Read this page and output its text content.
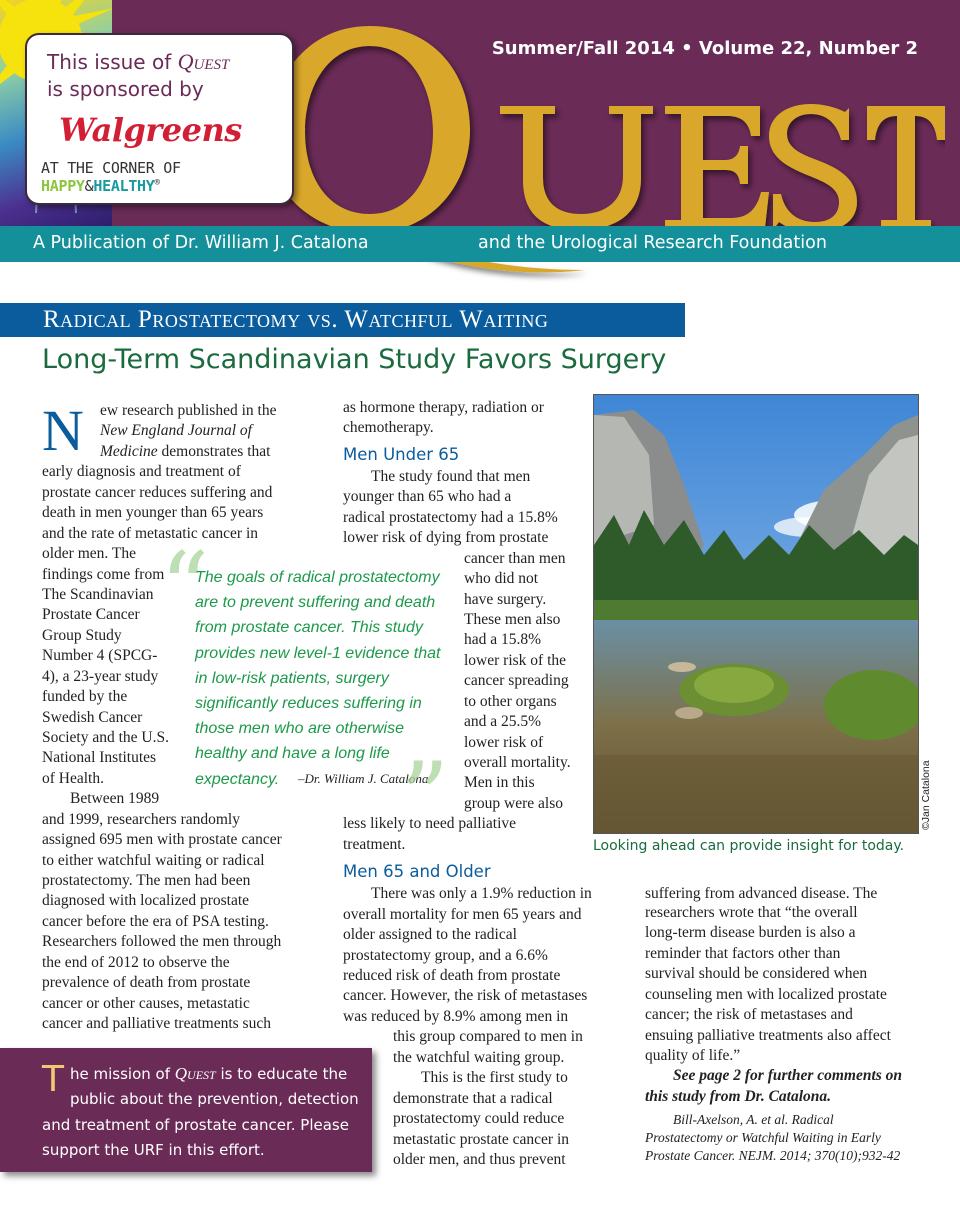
Summer/Fall 2014 • Volume 22, Number 2
A Publication of Dr. William J. Catalona	and the Urological Research Foundation
This issue of Quest
is sponsored by
Walgreens
AT THE CORNER OF HAPPY&HEALTHY®
Radical Prostatectomy vs. Watchful Waiting
Long-Term Scandinavian Study Favors Surgery
N ew research published in the
New England Journal of
Medicine demonstrates that
early diagnosis and treatment of
prostate cancer reduces suffering and
death in men younger than 65 years
and the rate of metastatic cancer in
older men. The
findings come from
The Scandinavian
Prostate Cancer
Group Study
Number 4 (SPCG-
4), a 23-year study
funded by the
Swedish Cancer
Society and the U.S.
National Institutes
of Health.
Between 1989
and 1999, researchers randomly
assigned 695 men with prostate cancer
to either watchful waiting or radical
prostatectomy. The men had been
diagnosed with localized prostate
cancer before the era of PSA testing.
Researchers followed the men through
the end of 2012 to observe the
prevalence of death from prostate
cancer or other causes, metastatic
cancer and palliative treatments such
“
The goals of radical prostatectomy
are to prevent suffering and death
from prostate cancer. This study
provides new level-1 evidence that
in low-risk patients, surgery
significantly reduces suffering in
those men who are otherwise
healthy and have a long life
expectancy.	–Dr. William J. Catalona
”
as hormone therapy, radiation or
chemotherapy.
Men Under 65
The study found that men
younger than 65 who had a
radical prostatectomy had a 15.8%
lower risk of dying from prostate
cancer than men
who did not
have surgery.
These men also
had a 15.8%
lower risk of the
cancer spreading
to other organs
and a 25.5%
lower risk of
overall mortality.
Men in this
group were also
less likely to need palliative
treatment.
Men 65 and Older
There was only a 1.9% reduction in
overall mortality for men 65 years and
older assigned to the radical
prostatectomy group, and a 6.6%
reduced risk of death from prostate
cancer. However, the risk of metastases
was reduced by 8.9% among men in
this group compared to men in
the watchful waiting group.
This is the first study to
demonstrate that a radical
prostatectomy could reduce
metastatic prostate cancer in
older men, and thus prevent
©Jan Catalona
Looking ahead can provide insight for today.
suffering from advanced disease. The
researchers wrote that “the overall
long-term disease burden is also a
reminder that factors other than
survival should be considered when
counseling men with localized prostate
cancer; the risk of metastases and
ensuing palliative treatments also affect
quality of life.”
See page 2 for further comments on
this study from Dr. Catalona.
Bill-Axelson, A. et al. Radical
Prostatectomy or Watchful Waiting in Early
Prostate Cancer. NEJM. 2014; 370(10);932-42
T he mission of Quest is to educate the
public about the prevention, detection
and treatment of prostate cancer. Please
support the URF in this effort.
